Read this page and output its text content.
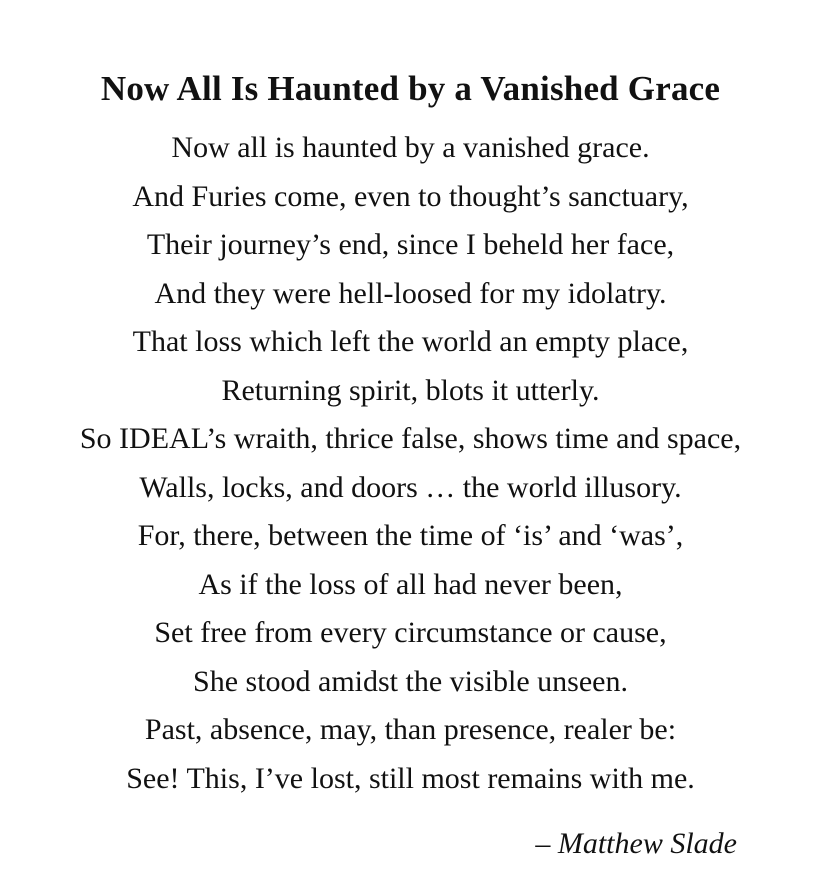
Now All Is Haunted by a Vanished Grace
Now all is haunted by a vanished grace.
And Furies come, even to thought’s sanctuary,
Their journey’s end, since I beheld her face,
And they were hell-loosed for my idolatry.
That loss which left the world an empty place,
Returning spirit, blots it utterly.
So IDEAL’s wraith, thrice false, shows time and space,
Walls, locks, and doors … the world illusory.
For, there, between the time of ‘is’ and ‘was’,
As if the loss of all had never been,
Set free from every circumstance or cause,
She stood amidst the visible unseen.
Past, absence, may, than presence, realer be:
See! This, I’ve lost, still most remains with me.
– Matthew Slade
